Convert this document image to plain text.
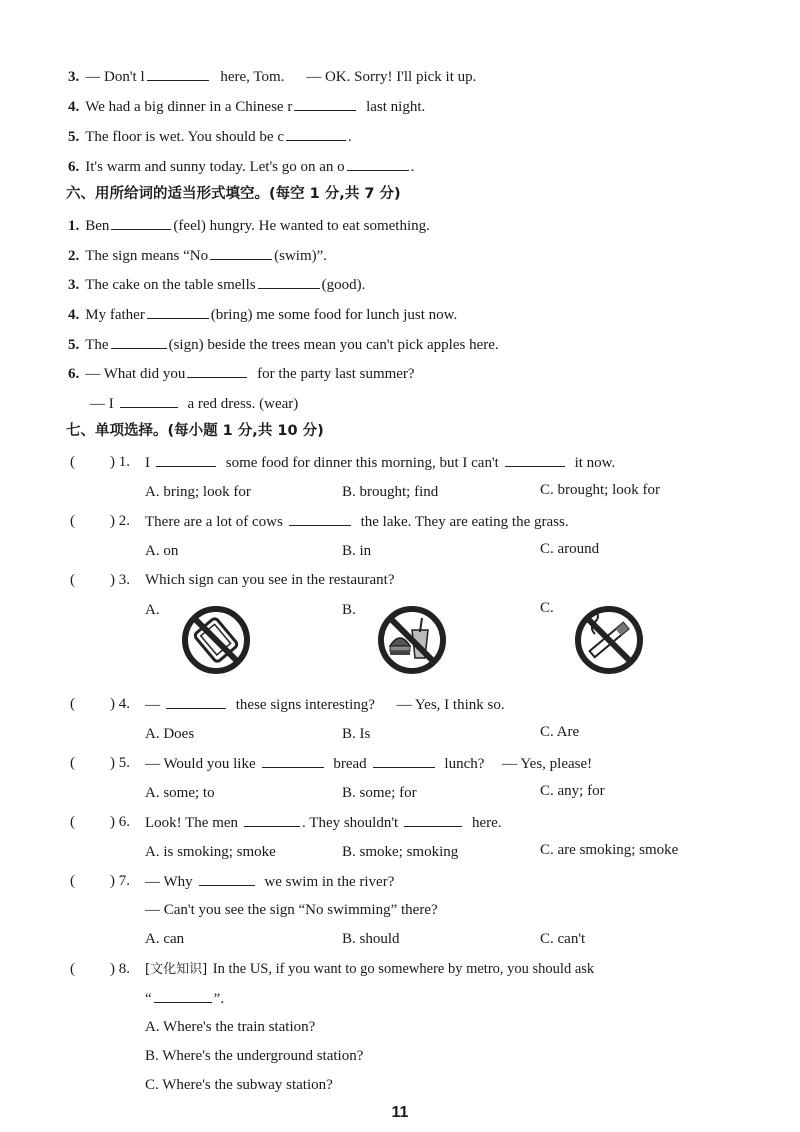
3. — Don't l	here, Tom. — OK. Sorry! I'll pick it up.
4. We had a big dinner in a Chinese r	last night.
5. The floor is wet. You should be c	.
6. It's warm and sunny today. Let's go on an o	.
六、用所给词的适当形式填空。(每空 1 分,共 7 分)
1. Ben	(feel) hungry. He wanted to eat something.
2. The sign means “No	(swim)”.
3. The cake on the table smells	(good).
4. My father	(bring) me some food for lunch just now.
5. The	(sign) beside the trees mean you can't pick apples here.
6. — What did you	for the party last summer?
— I	a red dress. (wear)
七、单项选择。(每小题 1 分,共 10 分)
( ) 1. I	some food for dinner this morning, but I can't	it now.
A. bring; look for	B. brought; find	C. brought; look for
( ) 2. There are a lot of cows	the lake. They are eating the grass.
A. on	B. in	C. around
( ) 3. Which sign can you see in the restaurant?
A.	B.	C.
( ) 4. —	these signs interesting? — Yes, I think so.
A. Does	B. Is	C. Are
( ) 5. — Would you like	bread	lunch? — Yes, please!
A. some; to	B. some; for	C. any; for
( ) 6. Look! The men	. They shouldn't	here.
A. is smoking; smoke	B. smoke; smoking	C. are smoking; smoke
( ) 7. — Why	we swim in the river?
— Can't you see the sign “No swimming” there?
A. can	B. should	C. can't
( ) 8. [文化知识] In the US, if you want to go somewhere by metro, you should ask
“	”.
A. Where's the train station?
B. Where's the underground station?
C. Where's the subway station?
11
